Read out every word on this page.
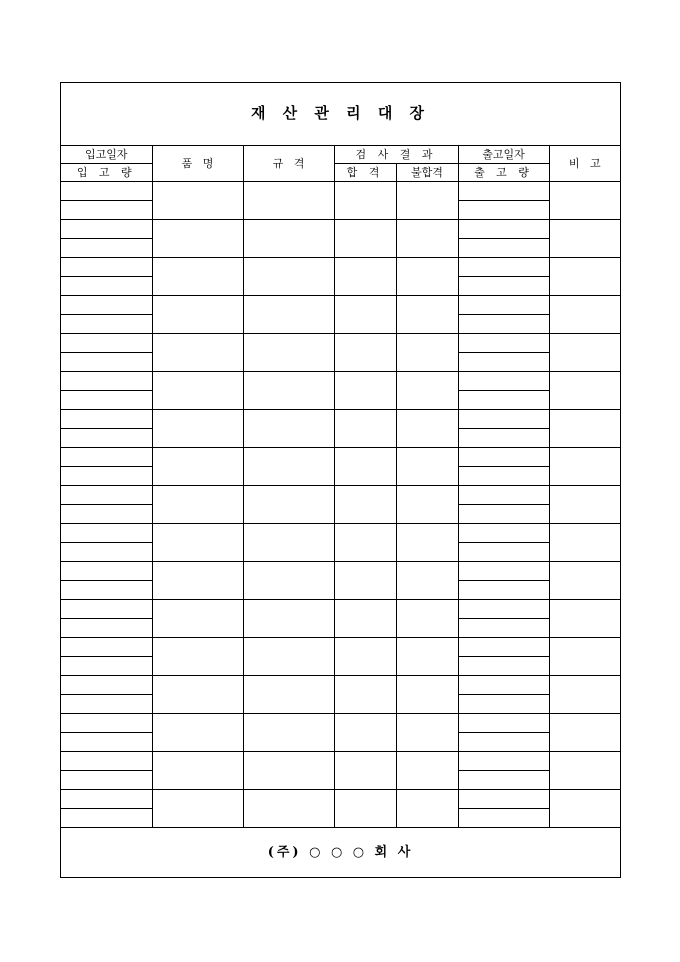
재 산 관 리 대 장						
입고일자	품   명	규   격	검 사 결 과		출고일자	비   고
입 고 량			합 격	불합격	출 고 량	

(주) ○ ○ ○ 회 사						
